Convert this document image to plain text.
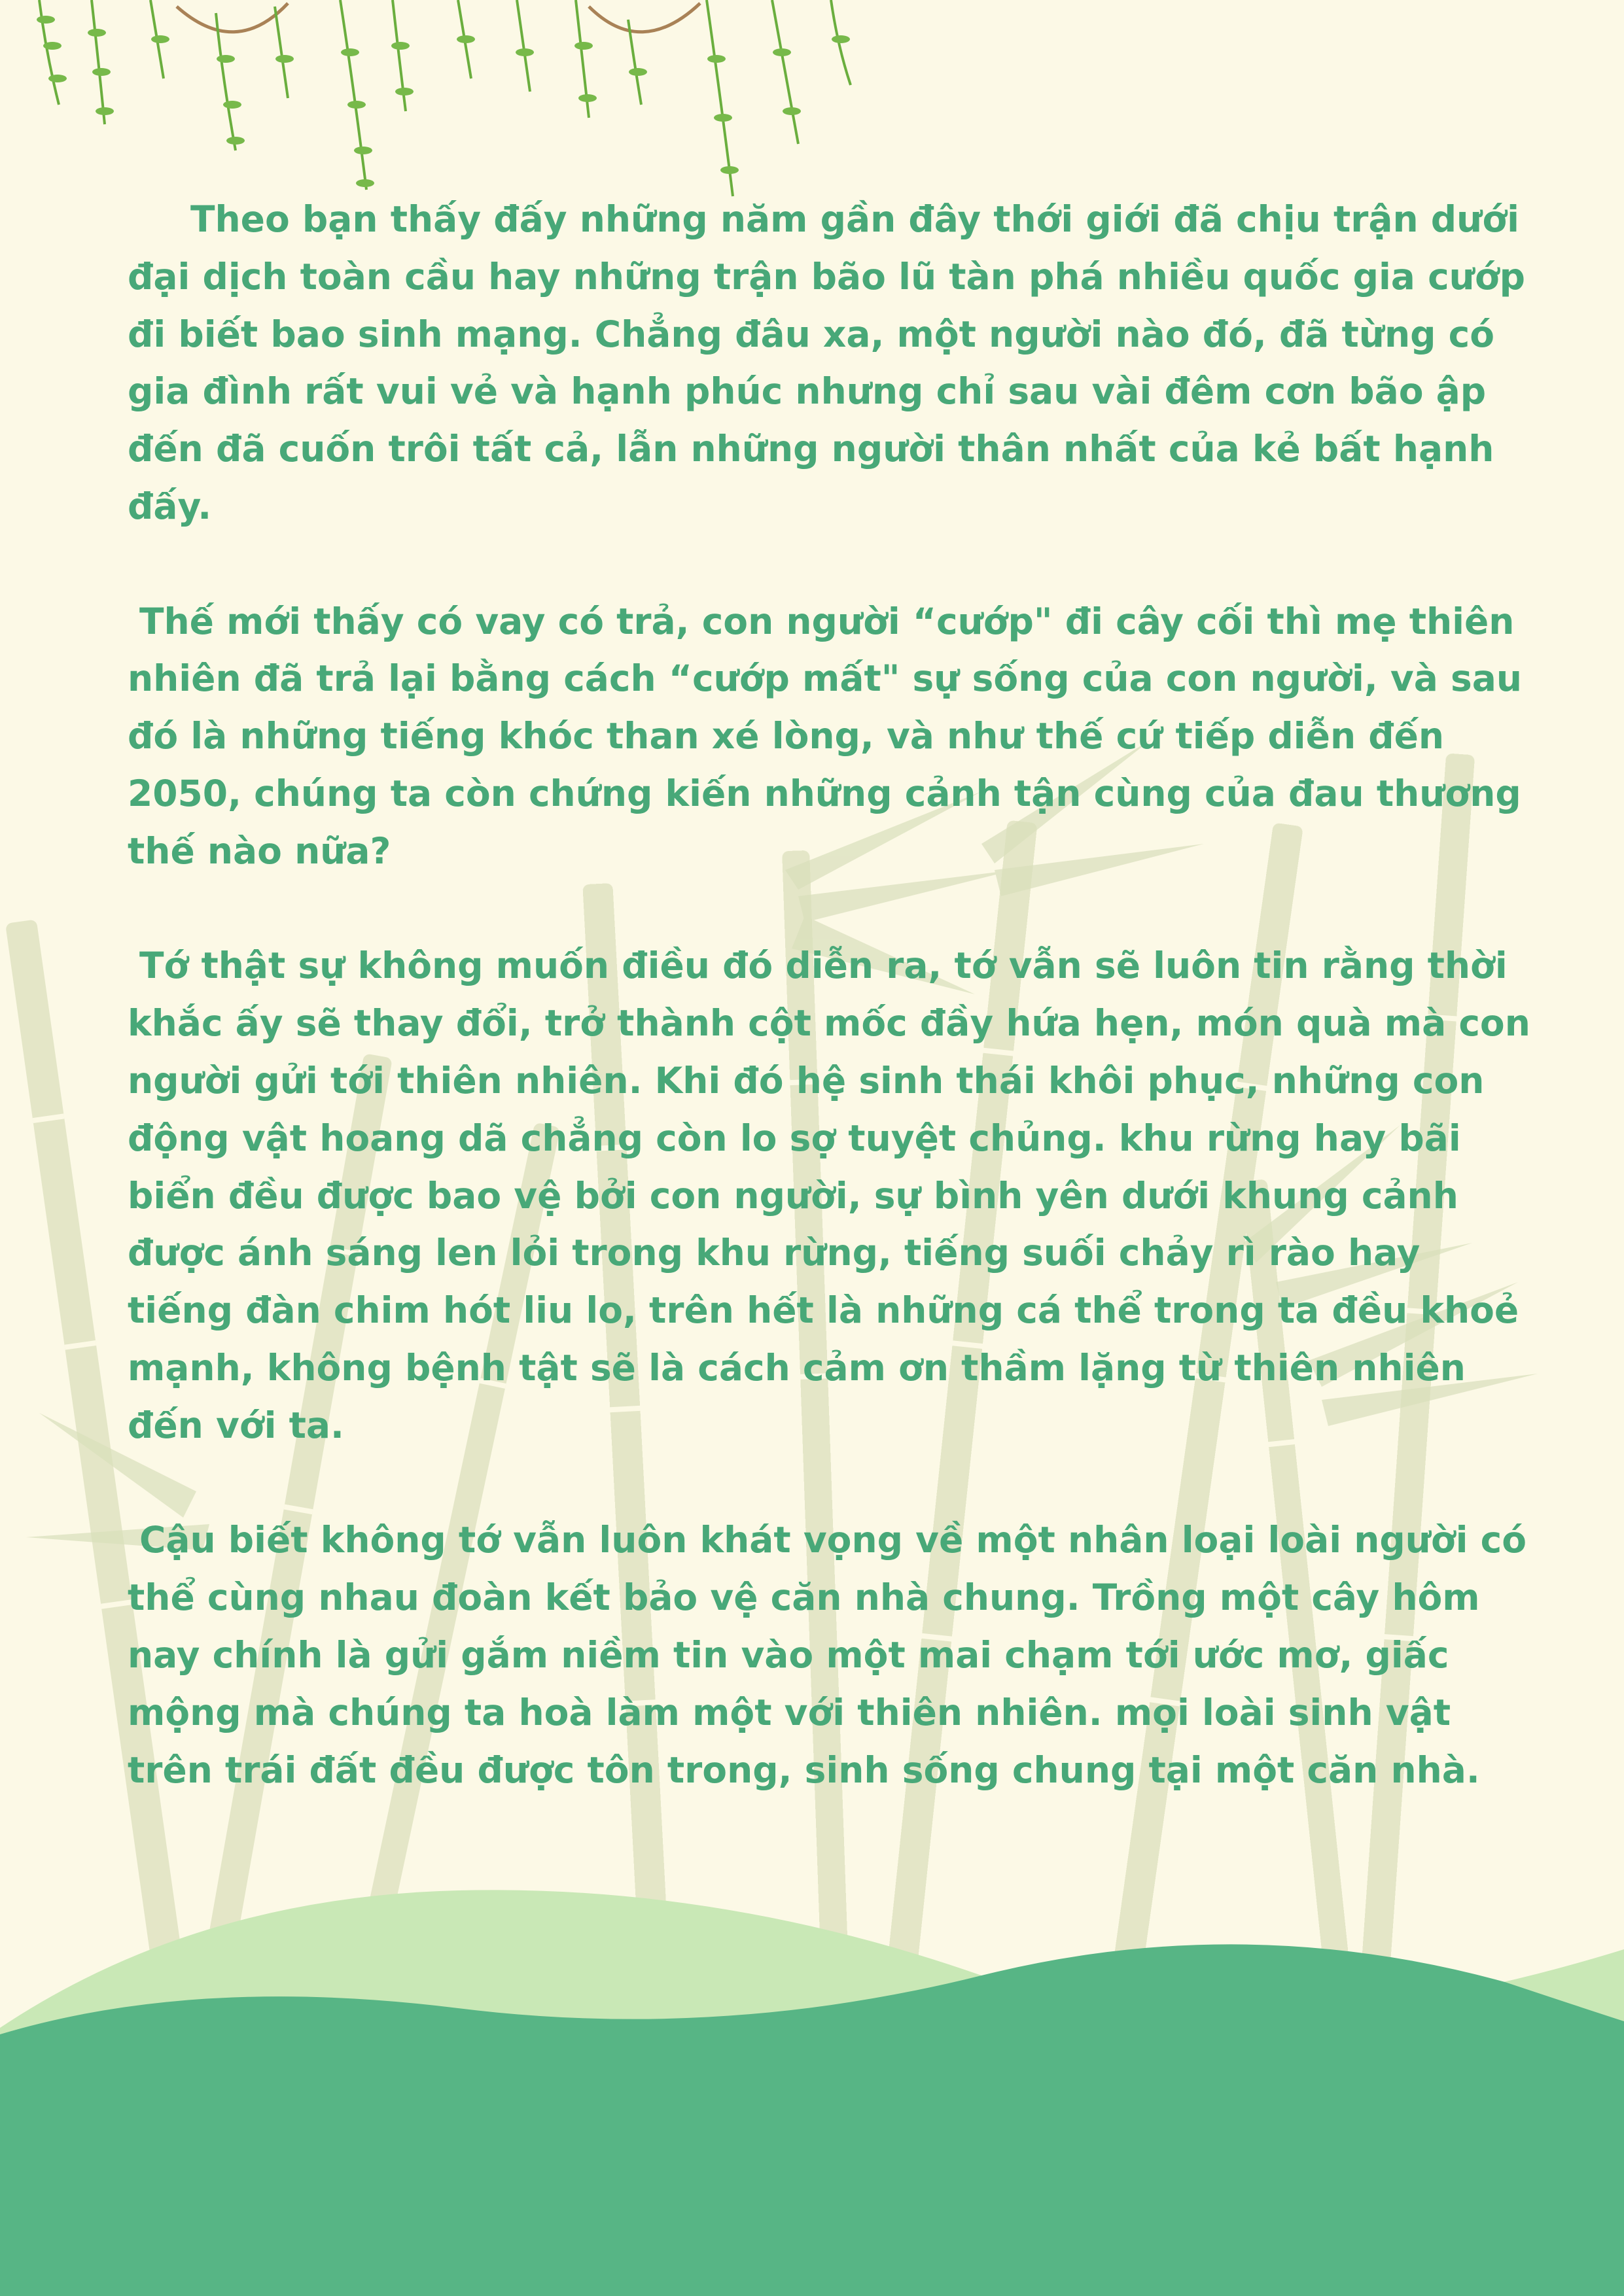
Theo bạn thấy đấy những năm gần đây thới giới đã chịu trận dưới đại dịch toàn cầu hay những trận bão lũ tàn phá nhiều quốc gia cướp đi biết bao sinh mạng. Chẳng đâu xa, một người nào đó, đã từng có gia đình rất vui vẻ và hạnh phúc nhưng chỉ sau vài đêm cơn bão ập đến đã cuốn trôi tất cả, lẫn những người thân nhất của kẻ bất hạnh đấy.

Thế mới thấy có vay có trả, con người “cướp" đi cây cối thì mẹ thiên nhiên đã trả lại bằng cách “cướp mất" sự sống của con người, và sau đó là những tiếng khóc than xé lòng, và như thế cứ tiếp diễn đến 2050, chúng ta còn chứng kiến những cảnh tận cùng của đau thương thế nào nữa?

Tớ thật sự không muốn điều đó diễn ra, tớ vẫn sẽ luôn tin rằng thời khắc ấy sẽ thay đổi, trở thành cột mốc đầy hứa hẹn, món quà mà con người gửi tới thiên nhiên. Khi đó hệ sinh thái khôi phục, những con động vật hoang dã chẳng còn lo sợ tuyệt chủng. khu rừng hay bãi biển đều được bao vệ bởi con người, sự bình yên dưới khung cảnh được ánh sáng len lỏi trong khu rừng, tiếng suối chảy rì rào hay tiếng đàn chim hót liu lo, trên hết là những cá thể trong ta đều khoẻ mạnh, không bệnh tật sẽ là cách cảm ơn thầm lặng từ thiên nhiên đến với ta.

Cậu biết không tớ vẫn luôn khát vọng về một nhân loại loài người có thể cùng nhau đoàn kết bảo vệ căn nhà chung. Trồng một cây hôm nay chính là gửi gắm niềm tin vào một mai chạm tới ước mơ, giấc mộng mà chúng ta hoà làm một với thiên nhiên. mọi loài sinh vật trên trái đất đều được tôn trong, sinh sống chung tại một căn nhà.
